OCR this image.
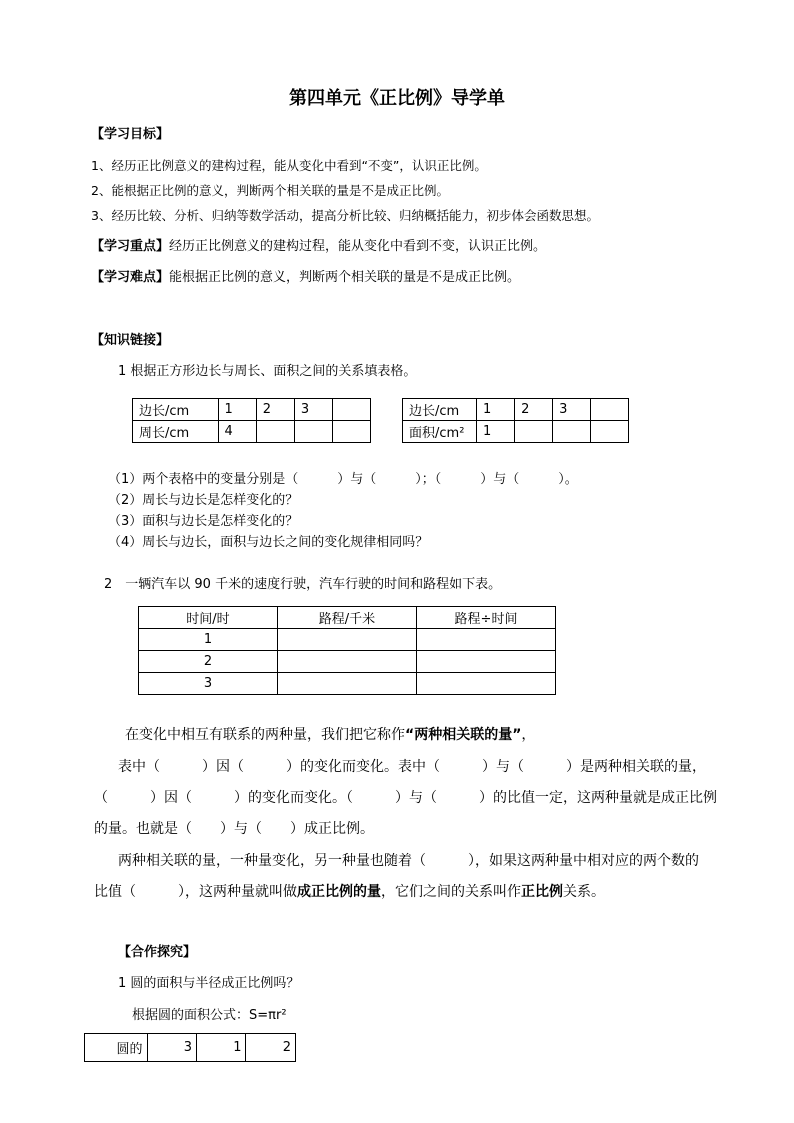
第四单元《正比例》导学单
【学习目标】
1、经历正比例意义的建构过程，能从变化中看到“不变”，认识正比例。
2、能根据正比例的意义，判断两个相关联的量是不是成正比例。
3、经历比较、分析、归纳等数学活动，提高分析比较、归纳概括能力，初步体会函数思想。
【学习重点】经历正比例意义的建构过程，能从变化中看到不变，认识正比例。
【学习难点】能根据正比例的意义，判断两个相关联的量是不是成正比例。
【知识链接】
1 根据正方形边长与周长、面积之间的关系填表格。
边长/cm	1	2	3	
周长/cm	4			
边长/cm	1	2	3	
面积/cm²	1			
（1）两个表格中的变量分别是（　　　）与（　　　）；（　　　）与（　　　）。
（2）周长与边长是怎样变化的？
（3）面积与边长是怎样变化的？
（4）周长与边长，面积与边长之间的变化规律相同吗？
2　一辆汽车以 90 千米的速度行驶，汽车行驶的时间和路程如下表。
时间/时	路程/千米	路程÷时间
1		
2		
3		
在变化中相互有联系的两种量，我们把它称作“两种相关联的量”，
表中（　　　）因（　　　）的变化而变化。表中（　　　）与（　　　）是两种相关联的量，
（　　　）因（　　　）的变化而变化。（　　　）与（　　　）的比值一定，这两种量就是成正比例
的量。也就是（　　）与（　　）成正比例。
两种相关联的量，一种量变化，另一种量也随着（　　　），如果这两种量中相对应的两个数的
比值（　　　），这两种量就叫做成正比例的量，它们之间的关系叫作正比例关系。
【合作探究】
1 圆的面积与半径成正比例吗？
根据圆的面积公式：S=πr²
圆的	3	1	2
